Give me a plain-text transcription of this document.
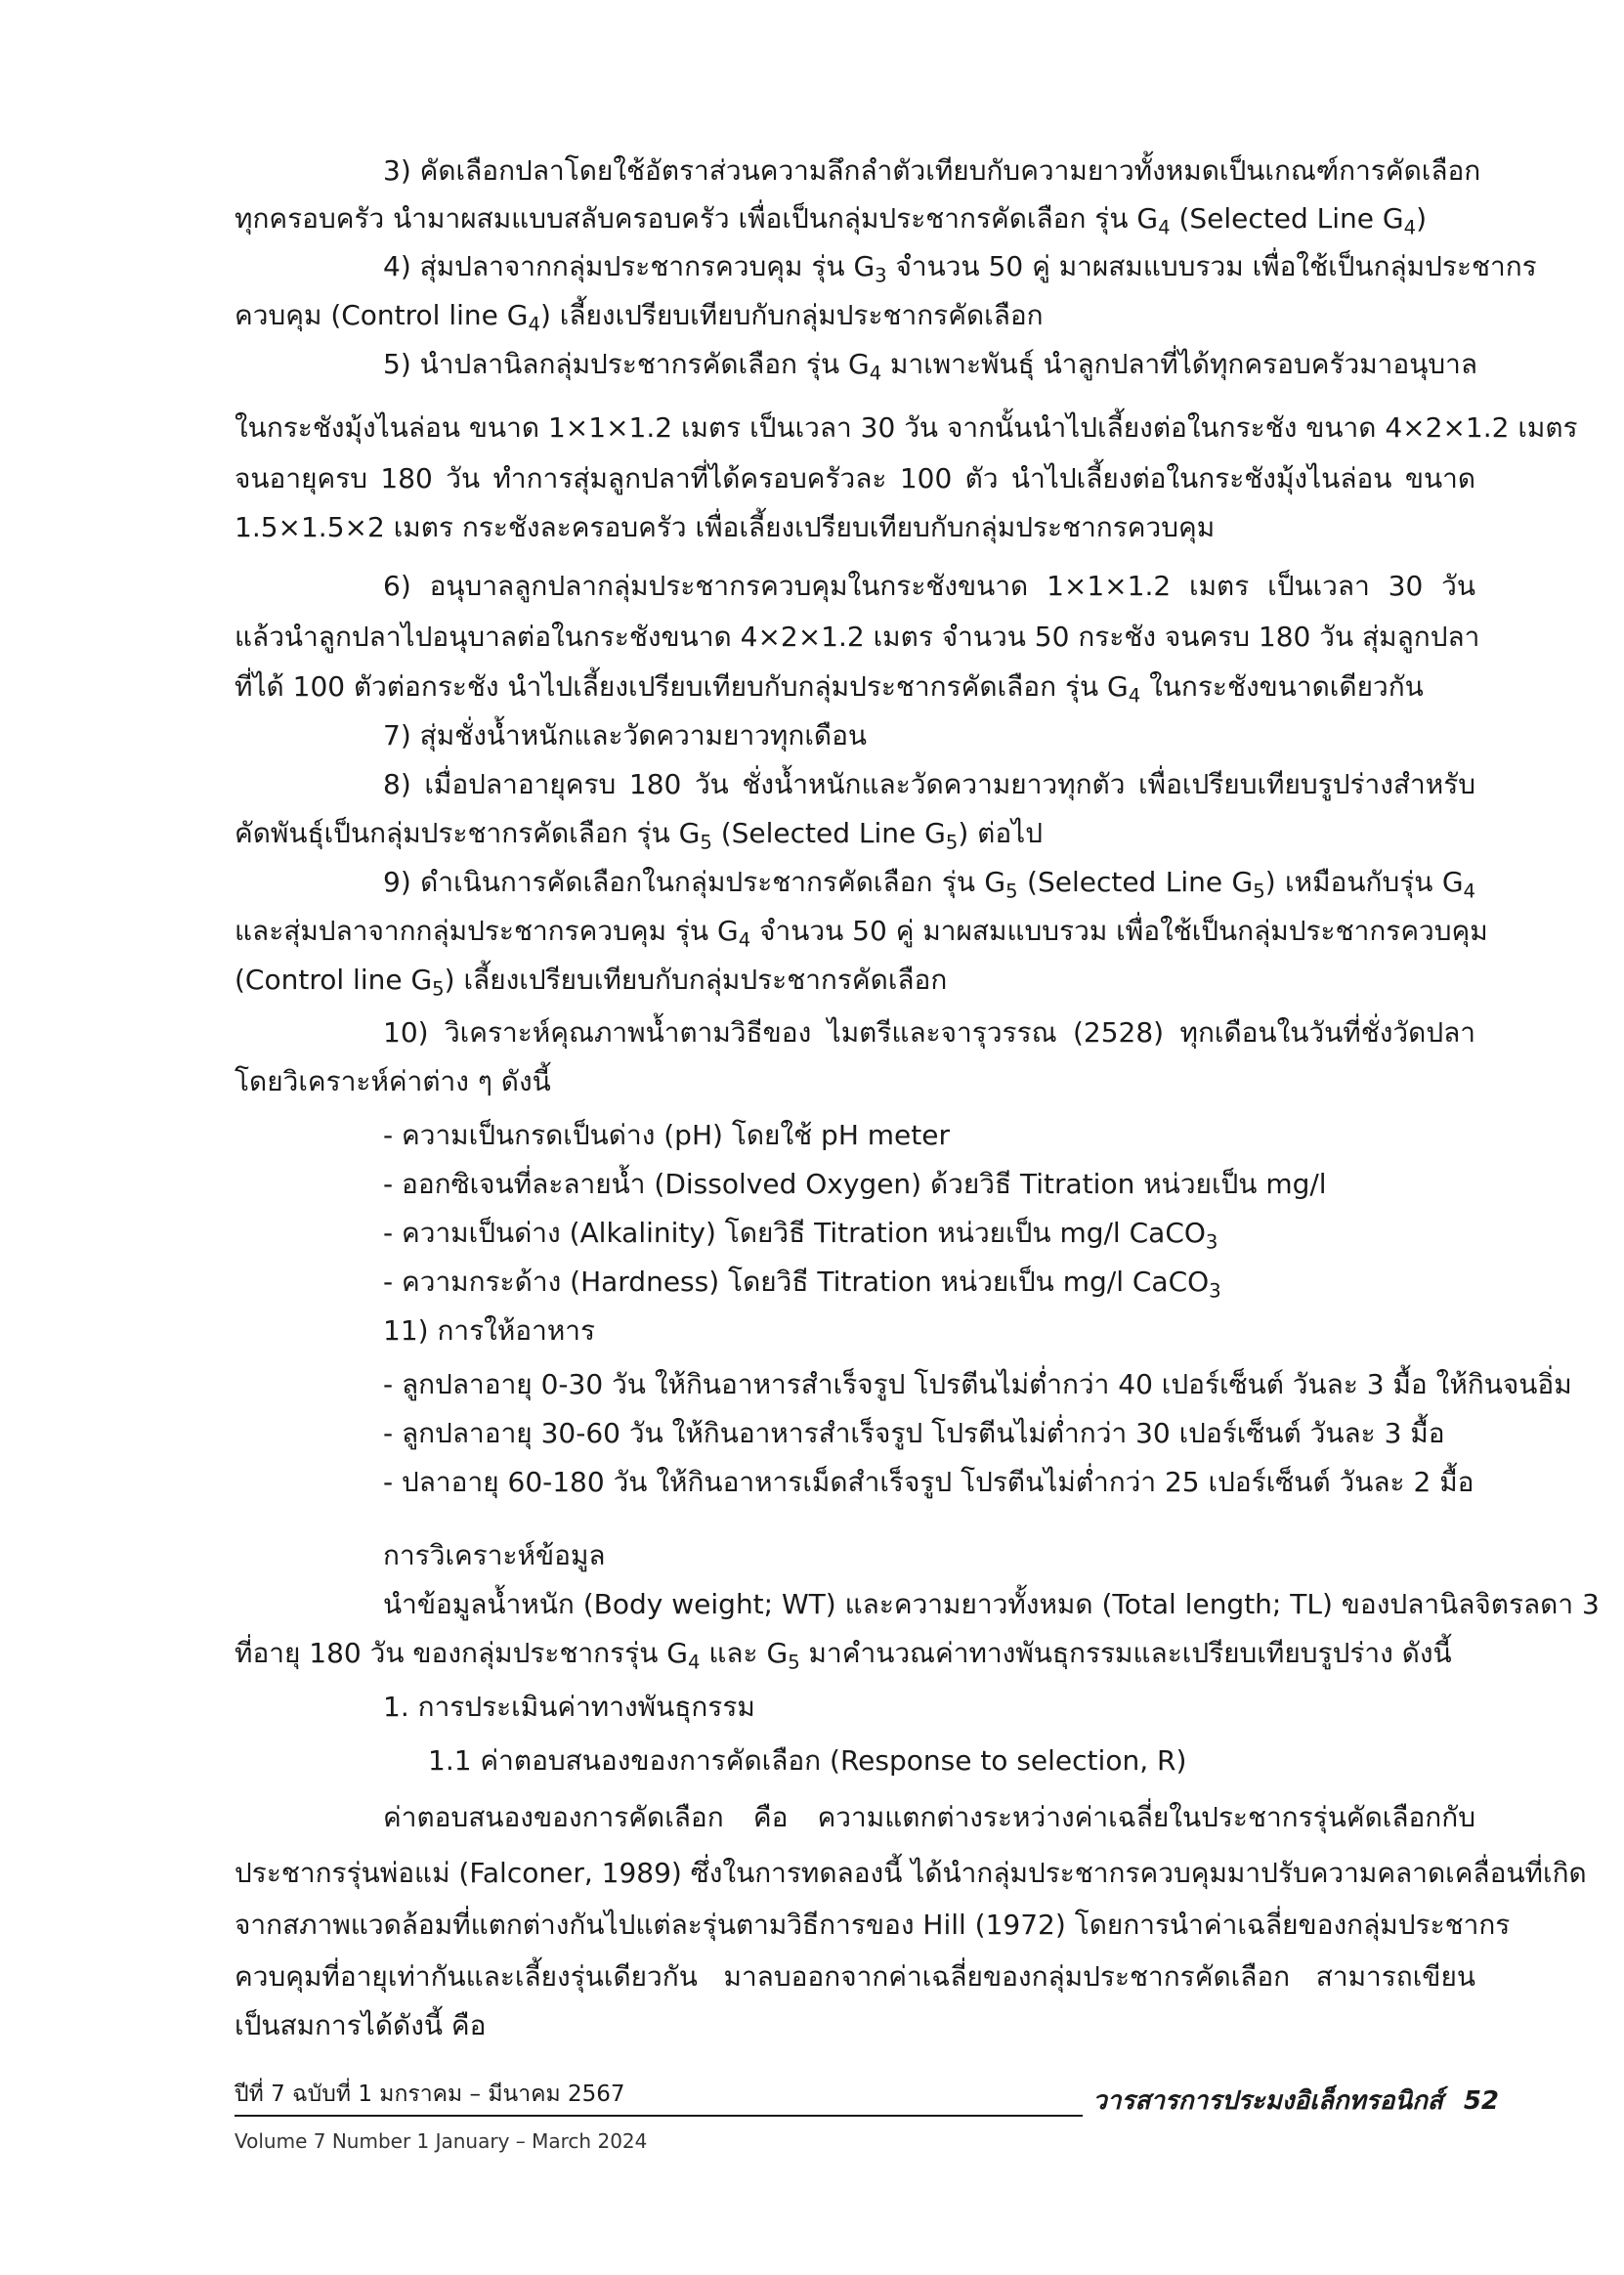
3) คัดเลือกปลาโดยใช้อัตราส่วนความลึกลำตัวเทียบกับความยาวทั้งหมดเป็นเกณฑ์การคัดเลือก
ทุกครอบครัว นำมาผสมแบบสลับครอบครัว เพื่อเป็นกลุ่มประชากรคัดเลือก รุ่น $G_4$ (Selected Line $G_4$)
4) สุ่มปลาจากกลุ่มประชากรควบคุม รุ่น $G_3$ จำนวน 50 คู่ มาผสมแบบรวม เพื่อใช้เป็นกลุ่มประชากร
ควบคุม (Control line $G_4$) เลี้ยงเปรียบเทียบกับกลุ่มประชากรคัดเลือก
5) นำปลานิลกลุ่มประชากรคัดเลือก รุ่น $G_4$ มาเพาะพันธุ์ นำลูกปลาที่ได้ทุกครอบครัวมาอนุบาล
ในกระชังมุ้งไนล่อน ขนาด 1×1×1.2 เมตร เป็นเวลา 30 วัน จากนั้นนำไปเลี้ยงต่อในกระชัง ขนาด 4×2×1.2 เมตร
จนอายุครบ 180 วัน ทำการสุ่มลูกปลาที่ได้ครอบครัวละ 100 ตัว นำไปเลี้ยงต่อในกระชังมุ้งไนล่อน ขนาด
1.5×1.5×2 เมตร กระชังละครอบครัว เพื่อเลี้ยงเปรียบเทียบกับกลุ่มประชากรควบคุม
6) อนุบาลลูกปลากลุ่มประชากรควบคุมในกระชังขนาด 1×1×1.2 เมตร เป็นเวลา 30 วัน
แล้วนำลูกปลาไปอนุบาลต่อในกระชังขนาด 4×2×1.2 เมตร จำนวน 50 กระชัง จนครบ 180 วัน สุ่มลูกปลา
ที่ได้ 100 ตัวต่อกระชัง นำไปเลี้ยงเปรียบเทียบกับกลุ่มประชากรคัดเลือก รุ่น $G_4$ ในกระชังขนาดเดียวกัน
7) สุ่มชั่งน้ำหนักและวัดความยาวทุกเดือน
8) เมื่อปลาอายุครบ 180 วัน ชั่งน้ำหนักและวัดความยาวทุกตัว เพื่อเปรียบเทียบรูปร่างสำหรับ
คัดพันธุ์เป็นกลุ่มประชากรคัดเลือก รุ่น $G_5$ (Selected Line $G_5$) ต่อไป
9) ดำเนินการคัดเลือกในกลุ่มประชากรคัดเลือก รุ่น $G_5$ (Selected Line $G_5$) เหมือนกับรุ่น $G_4$
และสุ่มปลาจากกลุ่มประชากรควบคุม รุ่น $G_4$ จำนวน 50 คู่ มาผสมแบบรวม เพื่อใช้เป็นกลุ่มประชากรควบคุม
(Control line $G_5$) เลี้ยงเปรียบเทียบกับกลุ่มประชากรคัดเลือก
10) วิเคราะห์คุณภาพน้ำตามวิธีของ ไมตรีและจารุวรรณ (2528) ทุกเดือนในวันที่ชั่งวัดปลา
โดยวิเคราะห์ค่าต่าง ๆ ดังนี้
- ความเป็นกรดเป็นด่าง (pH) โดยใช้ pH meter
- ออกซิเจนที่ละลายน้ำ (Dissolved Oxygen) ด้วยวิธี Titration หน่วยเป็น mg/l
- ความเป็นด่าง (Alkalinity) โดยวิธี Titration หน่วยเป็น mg/l CaCO$_3$
- ความกระด้าง (Hardness) โดยวิธี Titration หน่วยเป็น mg/l CaCO$_3$
11) การให้อาหาร
- ลูกปลาอายุ 0-30 วัน ให้กินอาหารสำเร็จรูป โปรตีนไม่ต่ำกว่า 40 เปอร์เซ็นต์ วันละ 3 มื้อ ให้กินจนอิ่ม
- ลูกปลาอายุ 30-60 วัน ให้กินอาหารสำเร็จรูป โปรตีนไม่ต่ำกว่า 30 เปอร์เซ็นต์ วันละ 3 มื้อ
- ปลาอายุ 60-180 วัน ให้กินอาหารเม็ดสำเร็จรูป โปรตีนไม่ต่ำกว่า 25 เปอร์เซ็นต์ วันละ 2 มื้อ
การวิเคราะห์ข้อมูล
นำข้อมูลน้ำหนัก (Body weight; WT) และความยาวทั้งหมด (Total length; TL) ของปลานิลจิตรลดา 3
ที่อายุ 180 วัน ของกลุ่มประชากรรุ่น $G_4$ และ $G_5$ มาคำนวณค่าทางพันธุกรรมและเปรียบเทียบรูปร่าง ดังนี้
1. การประเมินค่าทางพันธุกรรม
1.1 ค่าตอบสนองของการคัดเลือก (Response to selection, R)
ค่าตอบสนองของการคัดเลือก คือ ความแตกต่างระหว่างค่าเฉลี่ยในประชากรรุ่นคัดเลือกกับ
ประชากรรุ่นพ่อแม่ (Falconer, 1989) ซึ่งในการทดลองนี้ ได้นำกลุ่มประชากรควบคุมมาปรับความคลาดเคลื่อนที่เกิด
จากสภาพแวดล้อมที่แตกต่างกันไปแต่ละรุ่นตามวิธีการของ Hill (1972) โดยการนำค่าเฉลี่ยของกลุ่มประชากร
ควบคุมที่อายุเท่ากันและเลี้ยงรุ่นเดียวกัน มาลบออกจากค่าเฉลี่ยของกลุ่มประชากรคัดเลือก สามารถเขียน
เป็นสมการได้ดังนี้ คือ
ปีที่ 7 ฉบับที่ 1 มกราคม – มีนาคม 2567
Volume 7 Number 1 January – March 2024
วารสารการประมงอิเล็กทรอนิกส์ 52
